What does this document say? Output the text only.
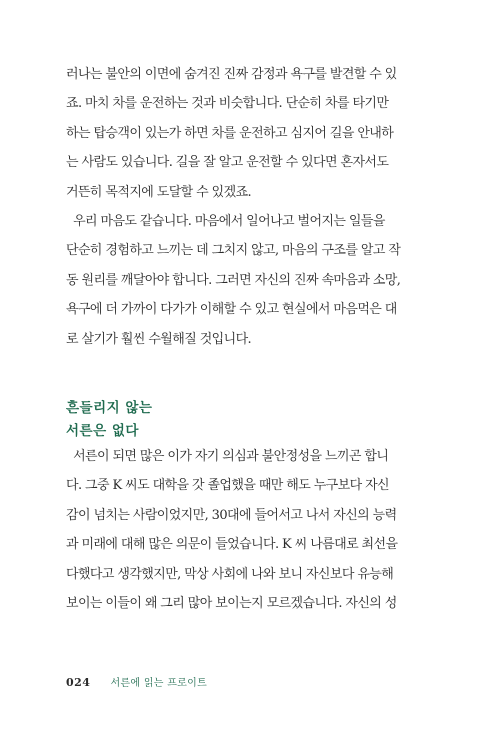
러나는 불안의 이면에 숨겨진 진짜 감정과 욕구를 발견할 수 있
죠. 마치 차를 운전하는 것과 비슷합니다. 단순히 차를 타기만
하는 탑승객이 있는가 하면 차를 운전하고 심지어 길을 안내하
는 사람도 있습니다. 길을 잘 알고 운전할 수 있다면 혼자서도
거뜬히 목적지에 도달할 수 있겠죠.
우리 마음도 같습니다. 마음에서 일어나고 벌어지는 일들을
단순히 경험하고 느끼는 데 그치지 않고, 마음의 구조를 알고 작
동 원리를 깨달아야 합니다. 그러면 자신의 진짜 속마음과 소망,
욕구에 더 가까이 다가가 이해할 수 있고 현실에서 마음먹은 대
로 살기가 훨씬 수월해질 것입니다.
흔들리지 않는
서른은 없다
서른이 되면 많은 이가 자기 의심과 불안정성을 느끼곤 합니
다. 그중 K 씨도 대학을 갓 졸업했을 때만 해도 누구보다 자신
감이 넘치는 사람이었지만, 30대에 들어서고 나서 자신의 능력
과 미래에 대해 많은 의문이 들었습니다. K 씨 나름대로 최선을
다했다고 생각했지만, 막상 사회에 나와 보니 자신보다 유능해
보이는 이들이 왜 그리 많아 보이는지 모르겠습니다. 자신의 성
024 서른에 읽는 프로이트
